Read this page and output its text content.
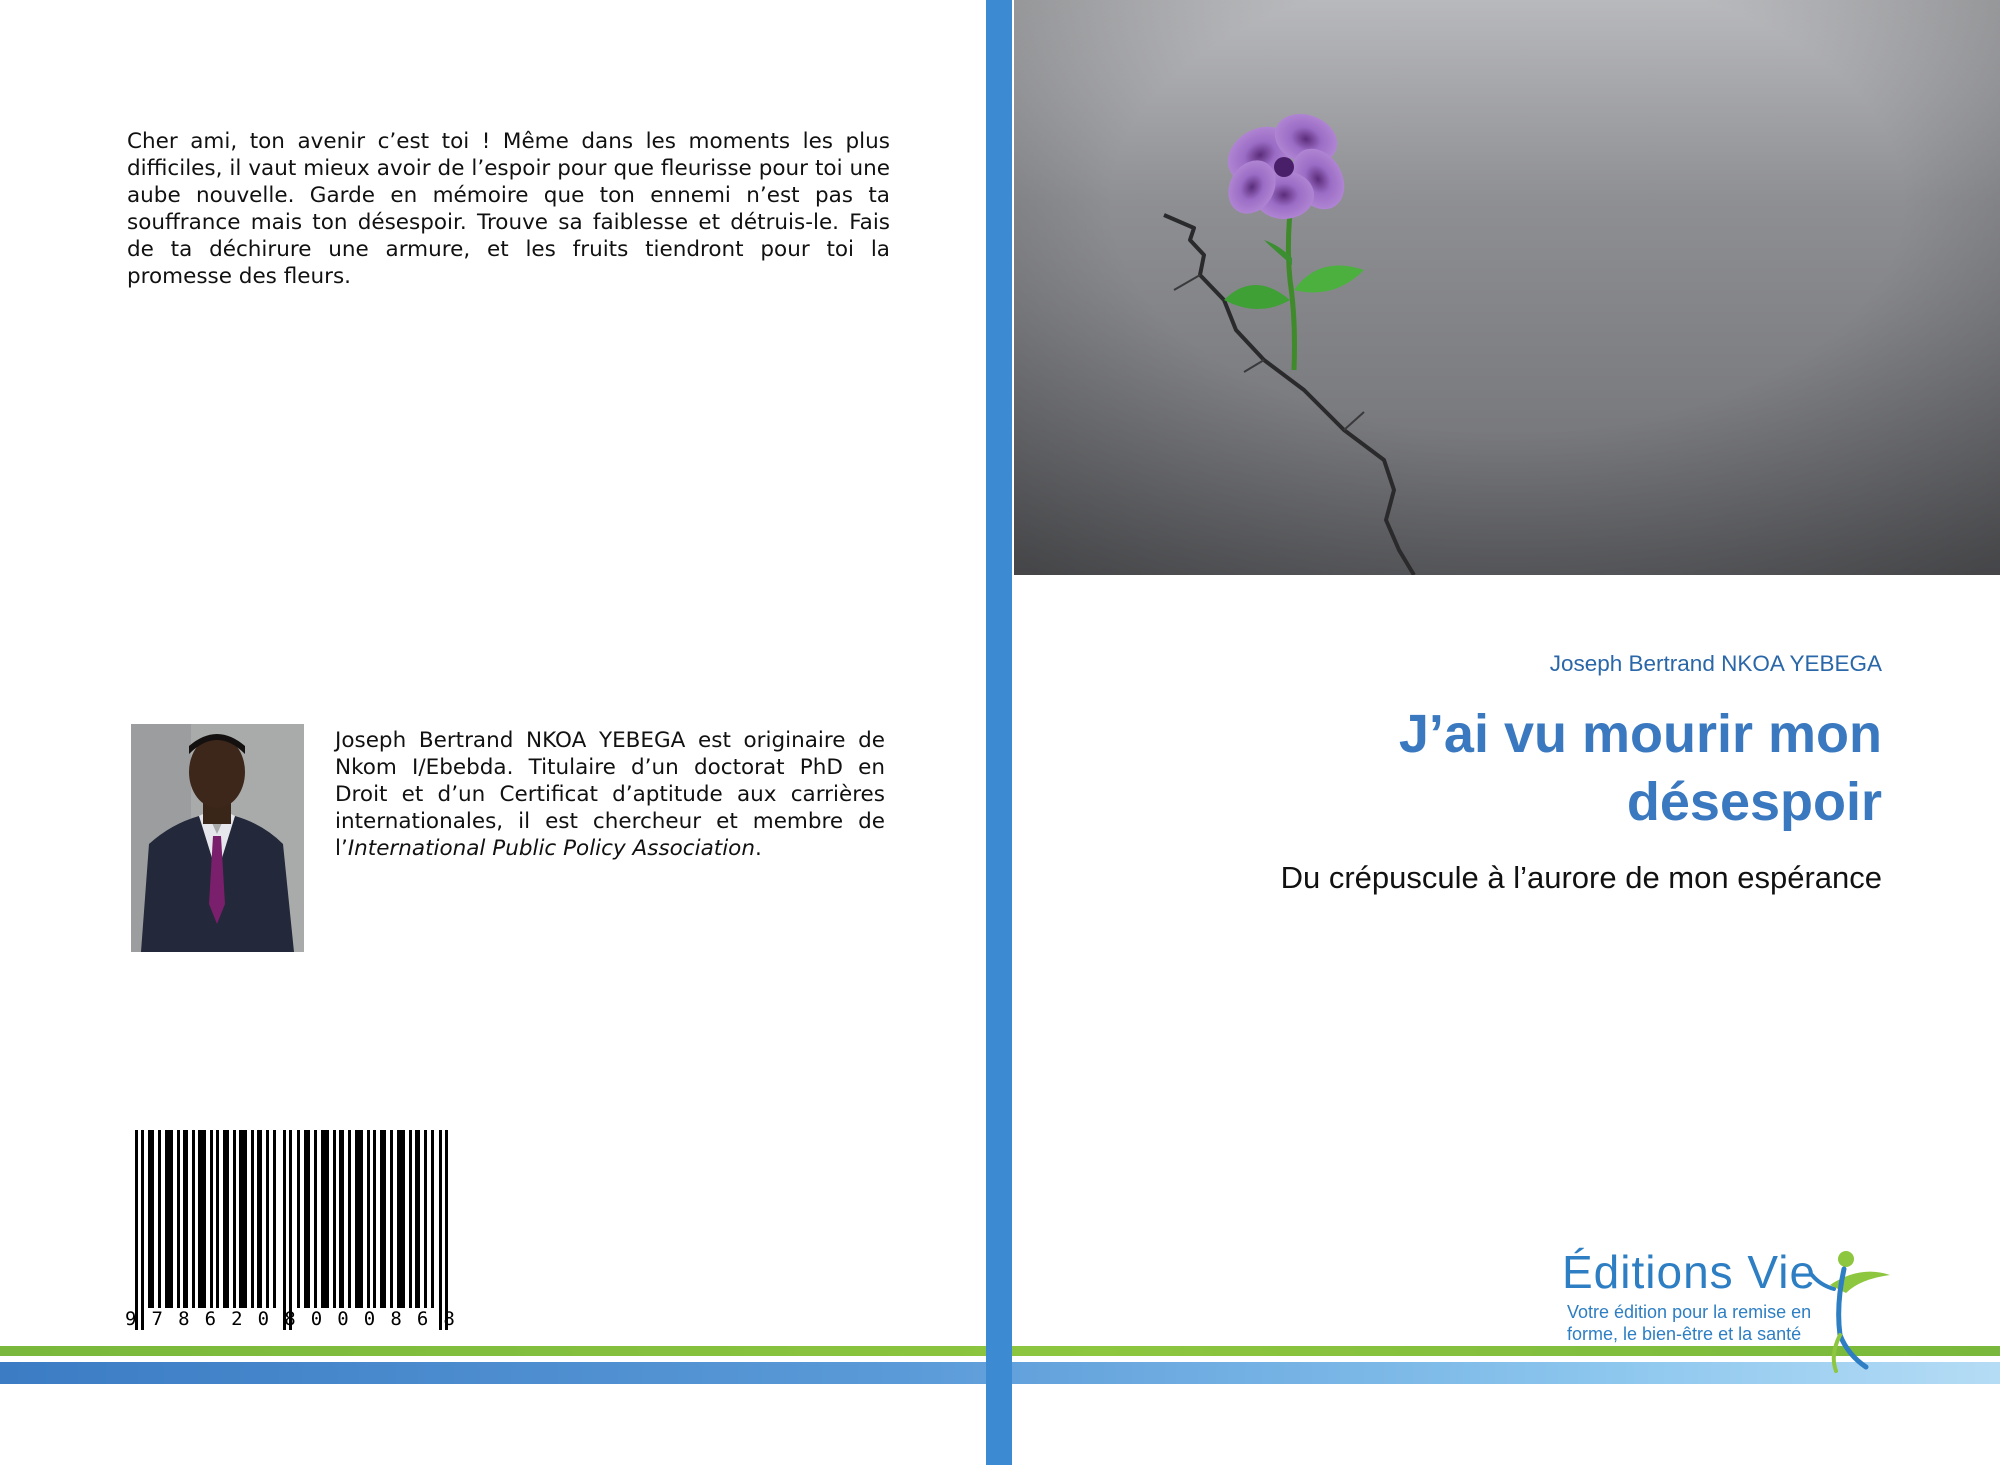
Cher ami, ton avenir c’est toi ! Même dans les moments les plus difficiles, il vaut mieux avoir de l’espoir pour que fleurisse pour toi une aube nouvelle. Garde en mémoire que ton ennemi n’est pas ta souffrance mais ton désespoir. Trouve sa faiblesse et détruis-le. Fais de ta déchirure une armure, et les fruits tiendront pour toi la promesse des fleurs.
Joseph Bertrand NKOA YEBEGA est originaire de Nkom I/Ebebda. Titulaire d’un doctorat PhD en Droit et d’un Certificat d’aptitude aux carrières internationales, il est chercheur et membre de l’International Public Policy Association.
9 7 8 6 2 0 8 0 0 0 8 6 8
Joseph Bertrand NKOA YEBEGA
J’ai vu mourir mon
désespoir
Du crépuscule à l’aurore de mon espérance
Éditions Vie
Votre édition pour la remise en
forme, le bien-être et la santé
